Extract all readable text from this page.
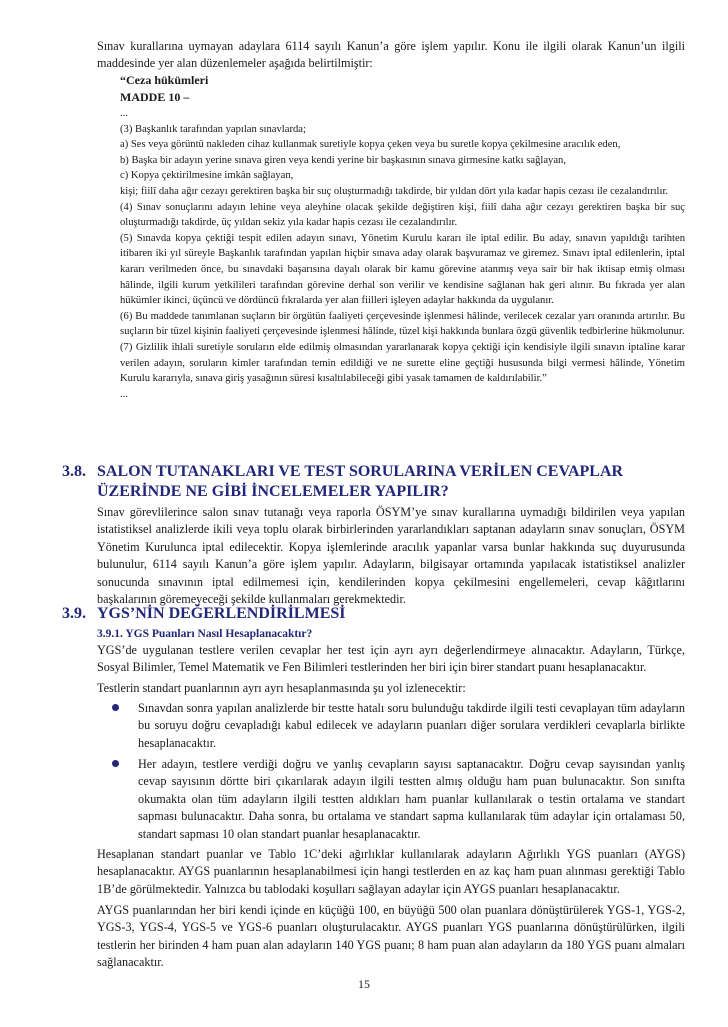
Sınav kurallarına uymayan adaylara 6114 sayılı Kanun’a göre işlem yapılır. Konu ile ilgili olarak Kanun’un ilgili maddesinde yer alan düzenlemeler aşağıda belirtilmiştir:

“Ceza hükümleri

MADDE 10 –

...

(3) Başkanlık tarafından yapılan sınavlarda;

a) Ses veya görüntü nakleden cihaz kullanmak suretiyle kopya çeken veya bu suretle kopya çekilmesine aracılık eden,

b) Başka bir adayın yerine sınava giren veya kendi yerine bir başkasının sınava girmesine katkı sağlayan,

c) Kopya çektirilmesine imkân sağlayan,

kişi; fiilî daha ağır cezayı gerektiren başka bir suç oluşturmadığı takdirde, bir yıldan dört yıla kadar hapis cezası ile cezalandırılır.

(4) Sınav sonuçlarını adayın lehine veya aleyhine olacak şekilde değiştiren kişi, fiilî daha ağır cezayı gerektiren başka bir suç oluşturmadığı takdirde, üç yıldan sekiz yıla kadar hapis cezası ile cezalandırılır.

(5) Sınavda kopya çektiği tespit edilen adayın sınavı, Yönetim Kurulu kararı ile iptal edilir. Bu aday, sınavın yapıldığı tarihten itibaren iki yıl süreyle Başkanlık tarafından yapılan hiçbir sınava aday olarak başvuramaz ve giremez. Sınavı iptal edilenlerin, iptal kararı verilmeden önce, bu sınavdaki başarısına dayalı olarak bir kamu görevine atanmış veya sair bir hak iktisap etmiş olması hâlinde, ilgili kurum yetkilileri tarafından görevine derhal son verilir ve kendisine sağlanan hak geri alınır. Bu fıkrada yer alan hükümler ikinci, üçüncü ve dördüncü fıkralarda yer alan fiilleri işleyen adaylar hakkında da uygulanır.

(6) Bu maddede tanımlanan suçların bir örgütün faaliyeti çerçevesinde işlenmesi hâlinde, verilecek cezalar yarı oranında artırılır. Bu suçların bir tüzel kişinin faaliyeti çerçevesinde işlenmesi hâlinde, tüzel kişi hakkında bunlara özgü güvenlik tedbirlerine hükmolunur.

(7) Gizlilik ihlali suretiyle soruların elde edilmiş olmasından yararlanarak kopya çektiği için kendisiyle ilgili sınavın iptaline karar verilen adayın, soruların kimler tarafından temin edildiği ve ne surette eline geçtiği hususunda bilgi vermesi hâlinde, Yönetim Kurulu kararıyla, sınava giriş yasağının süresi kısaltılabileceği gibi yasak tamamen de kaldırılabilir.”

...

3.8. SALON TUTANAKLARI VE TEST SORULARINA VERİLEN CEVAPLAR
ÜZERİNDE NE GİBİ İNCELEMELER YAPILIR?

Sınav görevlilerince salon sınav tutanağı veya raporla ÖSYM’ye sınav kurallarına uymadığı bildirilen veya yapılan istatistiksel analizlerde ikili veya toplu olarak birbirlerinden yararlandıkları saptanan adayların sınav sonuçları, ÖSYM Yönetim Kurulunca iptal edilecektir. Kopya işlemlerinde aracılık yapanlar varsa bunlar hakkında suç duyurusunda bulunulur, 6114 sayılı Kanun’a göre işlem yapılır. Adayların, bilgisayar ortamında yapılacak istatistiksel analizler sonucunda sınavının iptal edilmemesi için, kendilerinden kopya çekilmesini engellemeleri, cevap kâğıtlarını başkalarının göremeyeceği şekilde kullanmaları gerekmektedir.

3.9. YGS’NİN DEĞERLENDİRİLMESİ
3.9.1. YGS Puanları Nasıl Hesaplanacaktır?

YGS’de uygulanan testlere verilen cevaplar her test için ayrı ayrı değerlendirmeye alınacaktır. Adayların, Türkçe, Sosyal Bilimler, Temel Matematik ve Fen Bilimleri testlerinden her biri için birer standart puanı hesaplanacaktır.

Testlerin standart puanlarının ayrı ayrı hesaplanmasında şu yol izlenecektir:

Sınavdan sonra yapılan analizlerde bir testte hatalı soru bulunduğu takdirde ilgili testi cevaplayan tüm adayların bu soruyu doğru cevapladığı kabul edilecek ve adayların puanları diğer sorulara verdikleri cevaplarla birlikte hesaplanacaktır.

Her adayın, testlere verdiği doğru ve yanlış cevapların sayısı saptanacaktır. Doğru cevap sayısından yanlış cevap sayısının dörtte biri çıkarılarak adayın ilgili testten almış olduğu ham puan bulunacaktır. Son sınıfta okumakta olan tüm adayların ilgili testten aldıkları ham puanlar kullanılarak o testin ortalama ve standart sapması bulunacaktır. Daha sonra, bu ortalama ve standart sapma kullanılarak tüm adaylar için ortalaması 50, standart sapması 10 olan standart puanlar hesaplanacaktır.

Hesaplanan standart puanlar ve Tablo 1C’deki ağırlıklar kullanılarak adayların Ağırlıklı YGS puanları (AYGS) hesaplanacaktır. AYGS puanlarının hesaplanabilmesi için hangi testlerden en az kaç ham puan alınması gerektiği Tablo 1B’de görülmektedir. Yalnızca bu tablodaki koşulları sağlayan adaylar için AYGS puanları hesaplanacaktır.

AYGS puanlarından her biri kendi içinde en küçüğü 100, en büyüğü 500 olan puanlara dönüştürülerek YGS-1, YGS-2, YGS-3, YGS-4, YGS-5 ve YGS-6 puanları oluşturulacaktır. AYGS puanları YGS puanlarına dönüştürülürken, ilgili testlerin her birinden 4 ham puan alan adayların 140 YGS puanı; 8 ham puan alan adayların da 180 YGS puanı almaları sağlanacaktır.

15
